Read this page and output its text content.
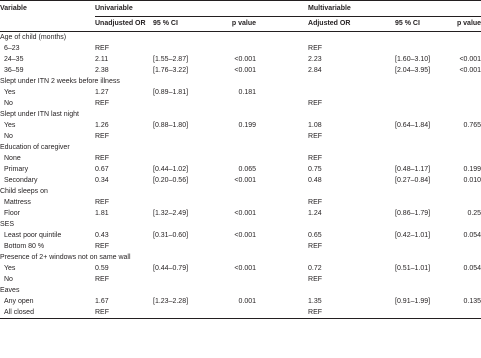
Variable	Univariable				Multivariable		
	Unadjusted OR	95 % CI	p value		Adjusted OR	95 % CI	p value
Age of child (months)							
6–23	REF				REF		
24–35	2.11	[1.55–2.87]	<0.001		2.23	[1.60–3.10]	<0.001
36–59	2.38	[1.76–3.22]	<0.001		2.84	[2.04–3.95]	<0.001
Slept under ITN 2 weeks before illness							
Yes	1.27	[0.89–1.81]	0.181				
No	REF				REF		
Slept under ITN last night							
Yes	1.26	[0.88–1.80]	0.199		1.08	[0.64–1.84]	0.765
No	REF				REF		
Education of caregiver							
None	REF				REF		
Primary	0.67	[0.44–1.02]	0.065		0.75	[0.48–1.17]	0.199
Secondary	0.34	[0.20–0.56]	<0.001		0.48	[0.27–0.84]	0.010
Child sleeps on							
Mattress	REF				REF		
Floor	1.81	[1.32–2.49]	<0.001		1.24	[0.86–1.79]	0.25
SES							
Least poor quintile	0.43	[0.31–0.60]	<0.001		0.65	[0.42–1.01]	0.054
Bottom 80 %	REF				REF		
Presence of 2+ windows not on same wall							
Yes	0.59	[0.44–0.79]	<0.001		0.72	[0.51–1.01]	0.054
No	REF				REF		
Eaves							
Any open	1.67	[1.23–2.28]	0.001		1.35	[0.91–1.99]	0.135
All closed	REF				REF		
